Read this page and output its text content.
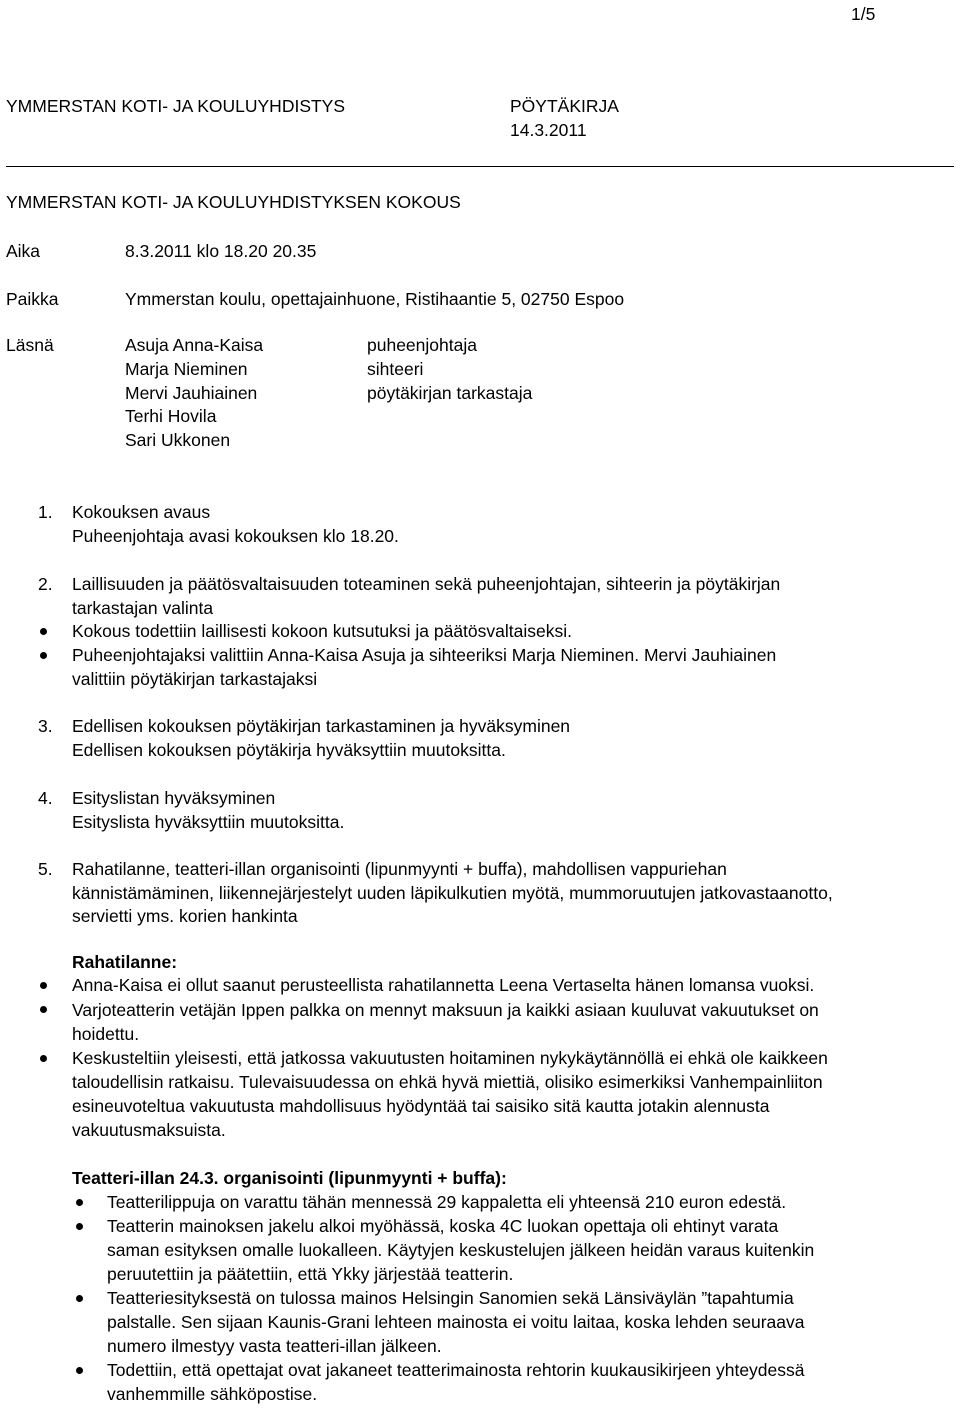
1/5
YMMERSTAN KOTI- JA KOULUYHDISTYS	PÖYTÄKIRJA
14.3.2011
YMMERSTAN KOTI- JA KOULUYHDISTYKSEN KOKOUS
Aika	8.3.2011 klo 18.20 20.35
Paikka	Ymmerstan koulu, opettajainhuone, Ristihaantie 5, 02750 Espoo
Läsnä	Asuja Anna-Kaisa	puheenjohtaja
Marja Nieminen	sihteeri
Mervi Jauhiainen	pöytäkirjan tarkastaja
Terhi Hovila
Sari Ukkonen
1. Kokouksen avaus
Puheenjohtaja avasi kokouksen klo 18.20.
2. Laillisuuden ja päätösvaltaisuuden toteaminen sekä puheenjohtajan, sihteerin ja pöytäkirjan
tarkastajan valinta
Kokous todettiin laillisesti kokoon kutsutuksi ja päätösvaltaiseksi.
Puheenjohtajaksi valittiin Anna-Kaisa Asuja ja sihteeriksi Marja Nieminen. Mervi Jauhiainen
valittiin pöytäkirjan tarkastajaksi
3. Edellisen kokouksen pöytäkirjan tarkastaminen ja hyväksyminen
Edellisen kokouksen pöytäkirja hyväksyttiin muutoksitta.
4. Esityslistan hyväksyminen
Esityslista hyväksyttiin muutoksitta.
5. Rahatilanne, teatteri-illan organisointi (lipunmyynti + buffa), mahdollisen vappuriehan
kännistämäminen, liikennejärjestelyt uuden läpikulkutien myötä, mummoruutujen jatkovastaanotto,
servietti yms. korien hankinta
Rahatilanne:
Anna-Kaisa ei ollut saanut perusteellista rahatilannetta Leena Vertaselta hänen lomansa vuoksi.
Varjoteatterin vetäjän Ippen palkka on mennyt maksuun ja kaikki asiaan kuuluvat vakuutukset on
hoidettu.
Keskusteltiin yleisesti, että jatkossa vakuutusten hoitaminen nykykäytännöllä ei ehkä ole kaikkeen
taloudellisin ratkaisu. Tulevaisuudessa on ehkä hyvä miettiä, olisiko esimerkiksi Vanhempainliiton
esineuvoteltua vakuutusta mahdollisuus hyödyntää tai saisiko sitä kautta jotakin alennusta
vakuutusmaksuista.
Teatteri-illan 24.3. organisointi (lipunmyynti + buffa):
Teatterilippuja on varattu tähän mennessä 29 kappaletta eli yhteensä 210 euron edestä.
Teatterin mainoksen jakelu alkoi myöhässä, koska 4C luokan opettaja oli ehtinyt varata
saman esityksen omalle luokalleen. Käytyjen keskustelujen jälkeen heidän varaus kuitenkin
peruutettiin ja päätettiin, että Ykky järjestää teatterin.
Teatteriesityksestä on tulossa mainos Helsingin Sanomien sekä Länsiväylän ”tapahtumia
palstalle. Sen sijaan Kaunis-Grani lehteen mainosta ei voitu laitaa, koska lehden seuraava
numero ilmestyy vasta teatteri-illan jälkeen.
Todettiin, että opettajat ovat jakaneet teatterimainosta rehtorin kuukausikirjeen yhteydessä
vanhemmille sähköpostise.
